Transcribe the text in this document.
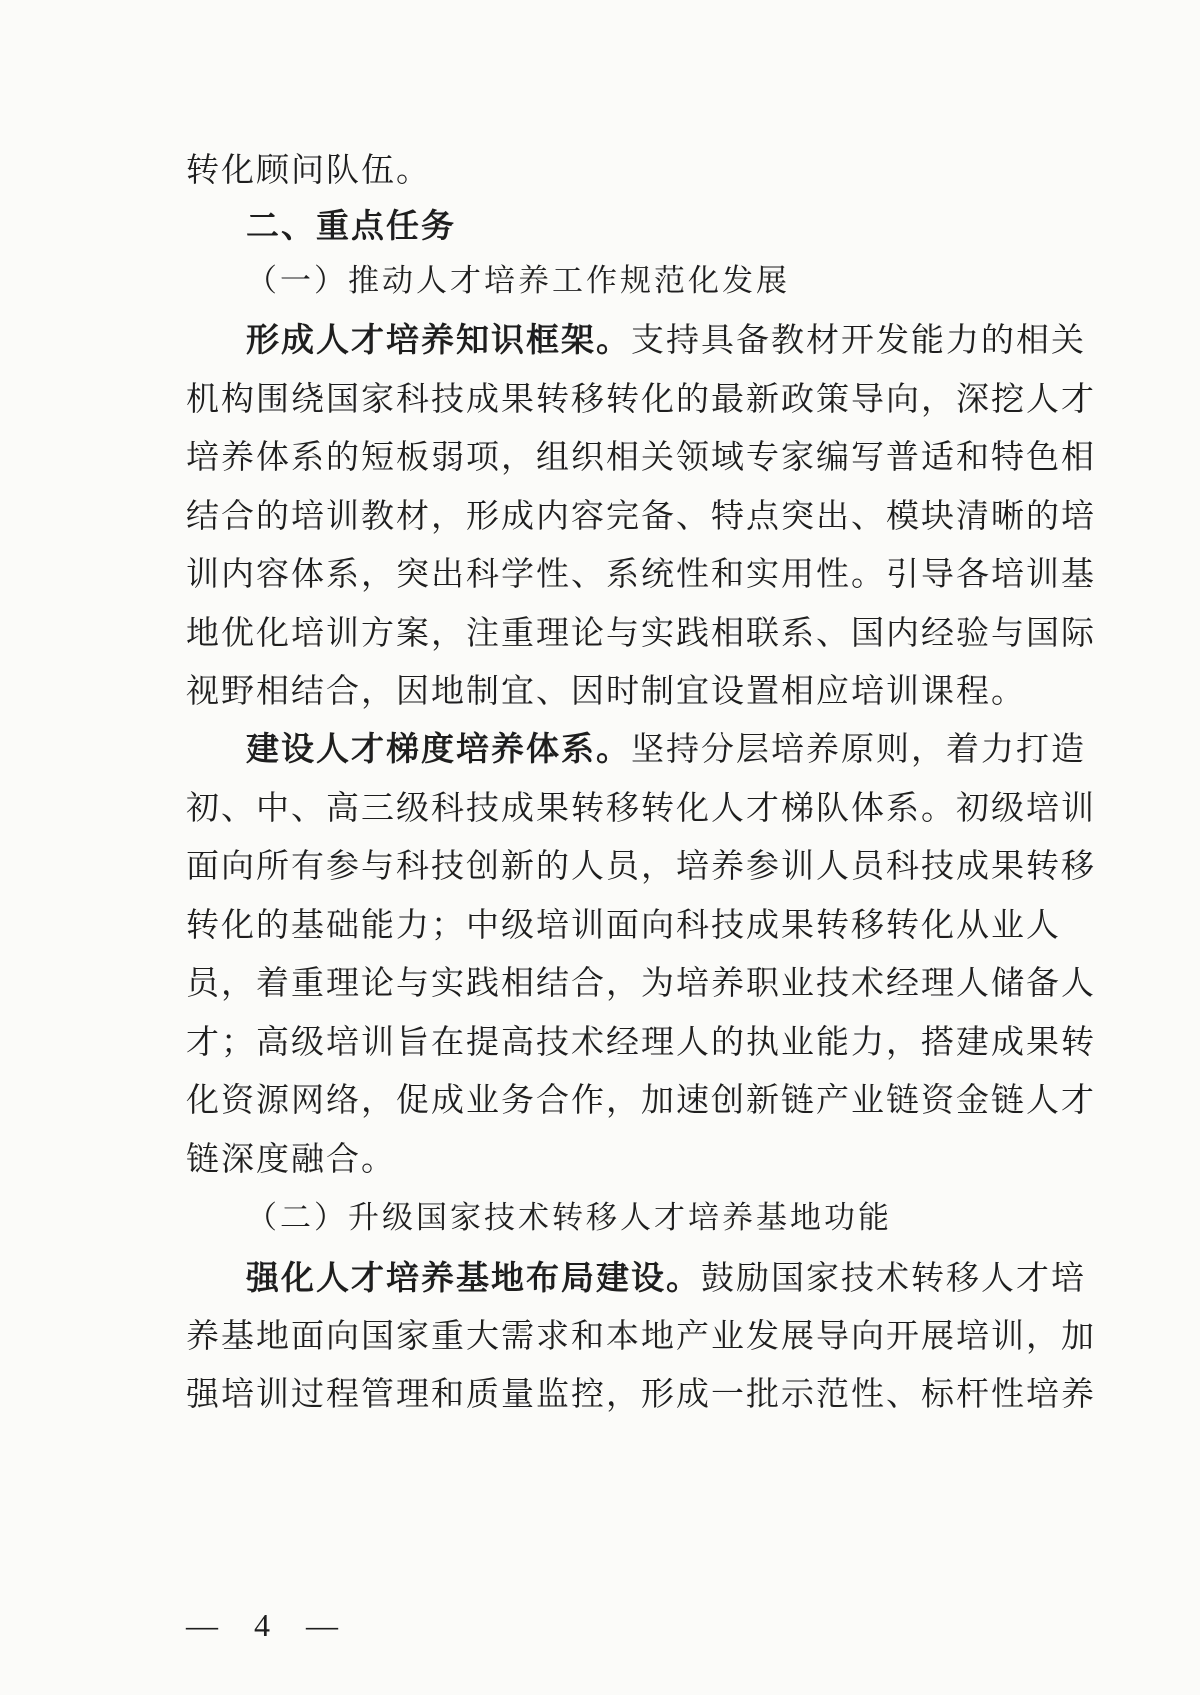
转化顾问队伍。
二、重点任务
（一）推动人才培养工作规范化发展
形成人才培养知识框架。支持具备教材开发能力的相关
机构围绕国家科技成果转移转化的最新政策导向，深挖人才
培养体系的短板弱项，组织相关领域专家编写普适和特色相
结合的培训教材，形成内容完备、特点突出、模块清晰的培
训内容体系，突出科学性、系统性和实用性。引导各培训基
地优化培训方案，注重理论与实践相联系、国内经验与国际
视野相结合，因地制宜、因时制宜设置相应培训课程。
建设人才梯度培养体系。坚持分层培养原则，着力打造
初、中、高三级科技成果转移转化人才梯队体系。初级培训
面向所有参与科技创新的人员，培养参训人员科技成果转移
转化的基础能力；中级培训面向科技成果转移转化从业人
员，着重理论与实践相结合，为培养职业技术经理人储备人
才；高级培训旨在提高技术经理人的执业能力，搭建成果转
化资源网络，促成业务合作，加速创新链产业链资金链人才
链深度融合。
（二）升级国家技术转移人才培养基地功能
强化人才培养基地布局建设。鼓励国家技术转移人才培
养基地面向国家重大需求和本地产业发展导向开展培训，加
强培训过程管理和质量监控，形成一批示范性、标杆性培养
— 4 —
